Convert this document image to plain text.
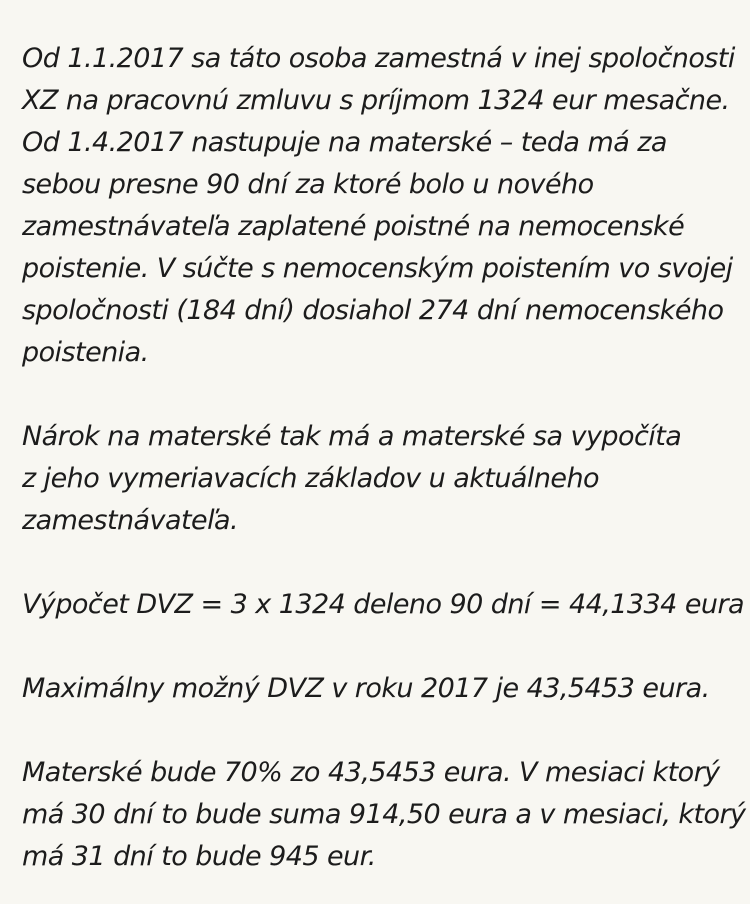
Od 1.1.2017 sa táto osoba zamestná v inej spoločnosti
XZ na pracovnú zmluvu s príjmom 1324 eur mesačne.
Od 1.4.2017 nastupuje na materské – teda má za
sebou presne 90 dní za ktoré bolo u nového
zamestnávateľa zaplatené poistné na nemocenské
poistenie. V súčte s nemocenským poistením vo svojej
spoločnosti (184 dní) dosiahol 274 dní nemocenského
poistenia.

Nárok na materské tak má a materské sa vypočíta
z jeho vymeriavacích základov u aktuálneho
zamestnávateľa.

Výpočet DVZ = 3 x 1324 deleno 90 dní = 44,1334 eura

Maximálny možný DVZ v roku 2017 je 43,5453 eura.

Materské bude 70% zo 43,5453 eura. V mesiaci ktorý
má 30 dní to bude suma 914,50 eura a v mesiaci, ktorý
má 31 dní to bude 945 eur.
